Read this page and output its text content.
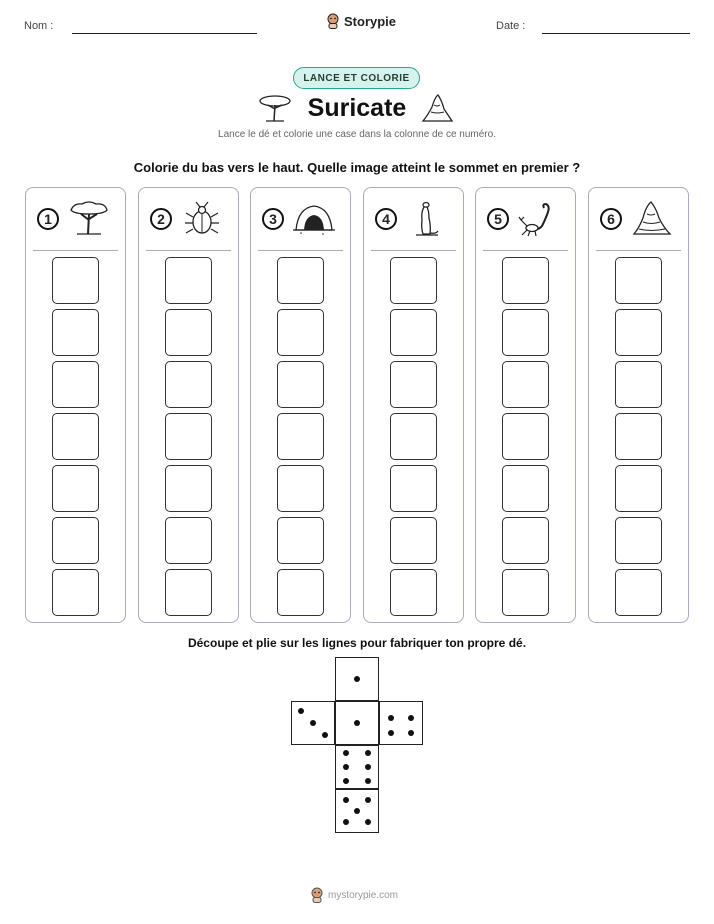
Nom :	Storypie	Date :
LANCE ET COLORIE
Suricate
Lance le dé et colorie une case dans la colonne de ce numéro.
Colorie du bas vers le haut. Quelle image atteint le sommet en premier ?
1	2	3	4	5	6
Découpe et plie sur les lignes pour fabriquer ton propre dé.
mystorypie.com
